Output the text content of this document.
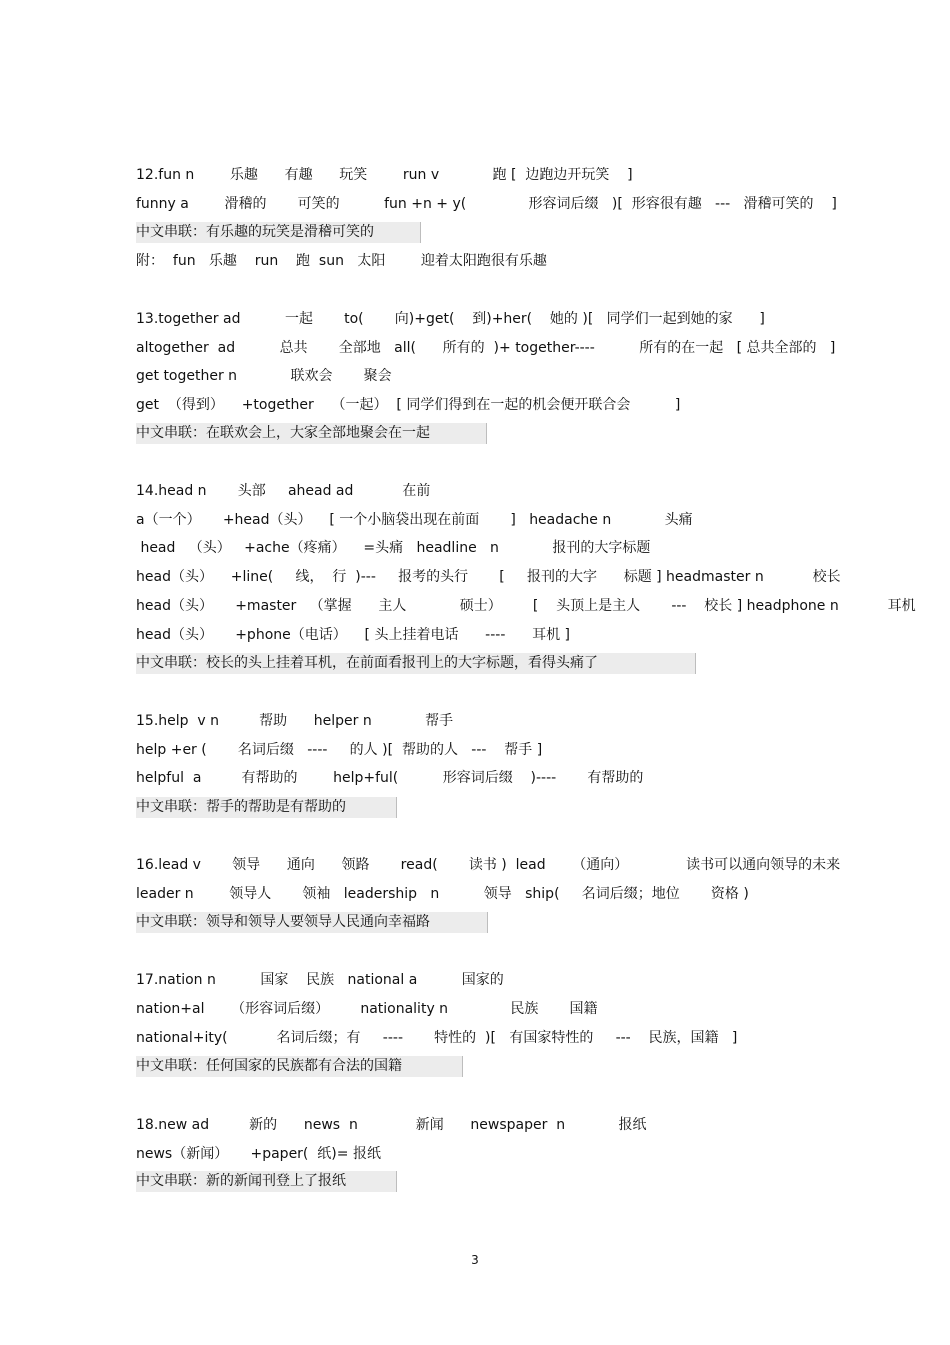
12.fun n        乐趣      有趣      玩笑        run v            跑 [  边跑边开玩笑    ]
funny a        滑稽的       可笑的          fun +n + y(              形容词后缀   )[  形容很有趣   ---   滑稽可笑的    ]
中文串联：有乐趣的玩笑是滑稽可笑的
附：  fun   乐趣    run    跑  sun   太阳        迎着太阳跑很有乐趣
13.together ad          一起       to(       向)+get(    到)+her(    她的 )[   同学们一起到她的家      ]
altogether  ad          总共       全部地   all(      所有的  )+ together----          所有的在一起   [ 总共全部的   ]
get together n            联欢会       聚会
get  （得到）    +together    （一起）  [ 同学们得到在一起的机会便开联合会          ]
中文串联：在联欢会上，大家全部地聚会在一起
14.head n       头部     ahead ad           在前
a（一个）     +head（头）    [ 一个小脑袋出现在前面       ]   headache n            头痛
head   （头）   +ache（疼痛）    =头痛   headline   n            报刊的大字标题
head（头）    +line(     线，  行  )---     报考的头行       [     报刊的大字      标题 ] headmaster n           校长
head（头）     +master   （掌握      主人            硕士）       [    头顶上是主人       ---    校长 ] headphone n           耳机
head（头）     +phone（电话）    [ 头上挂着电话      ----      耳机 ]
中文串联：校长的头上挂着耳机，在前面看报刊上的大字标题，看得头痛了
15.help  v n         帮助      helper n            帮手
help +er (       名词后缀   ----     的人 )[  帮助的人   ---    帮手 ]
helpful  a         有帮助的        help+ful(          形容词后缀    )----       有帮助的
中文串联：帮手的帮助是有帮助的
16.lead v       领导      通向      领路       read(       读书 )  lead      （通向）             读书可以通向领导的未来
leader n        领导人       领袖   leadership   n          领导   ship(     名词后缀；地位       资格 )
中文串联：领导和领导人要领导人民通向幸福路
17.nation n          国家    民族   national a          国家的
nation+al      （形容词后缀）       nationality n              民族       国籍
national+ity(           名词后缀；有     ----       特性的  )[   有国家特性的     ---    民族，国籍   ]
中文串联：任何国家的民族都有合法的国籍
18.new ad         新的      news  n             新闻      newspaper  n            报纸
news（新闻）     +paper(  纸)= 报纸
中文串联：新的新闻刊登上了报纸
3
